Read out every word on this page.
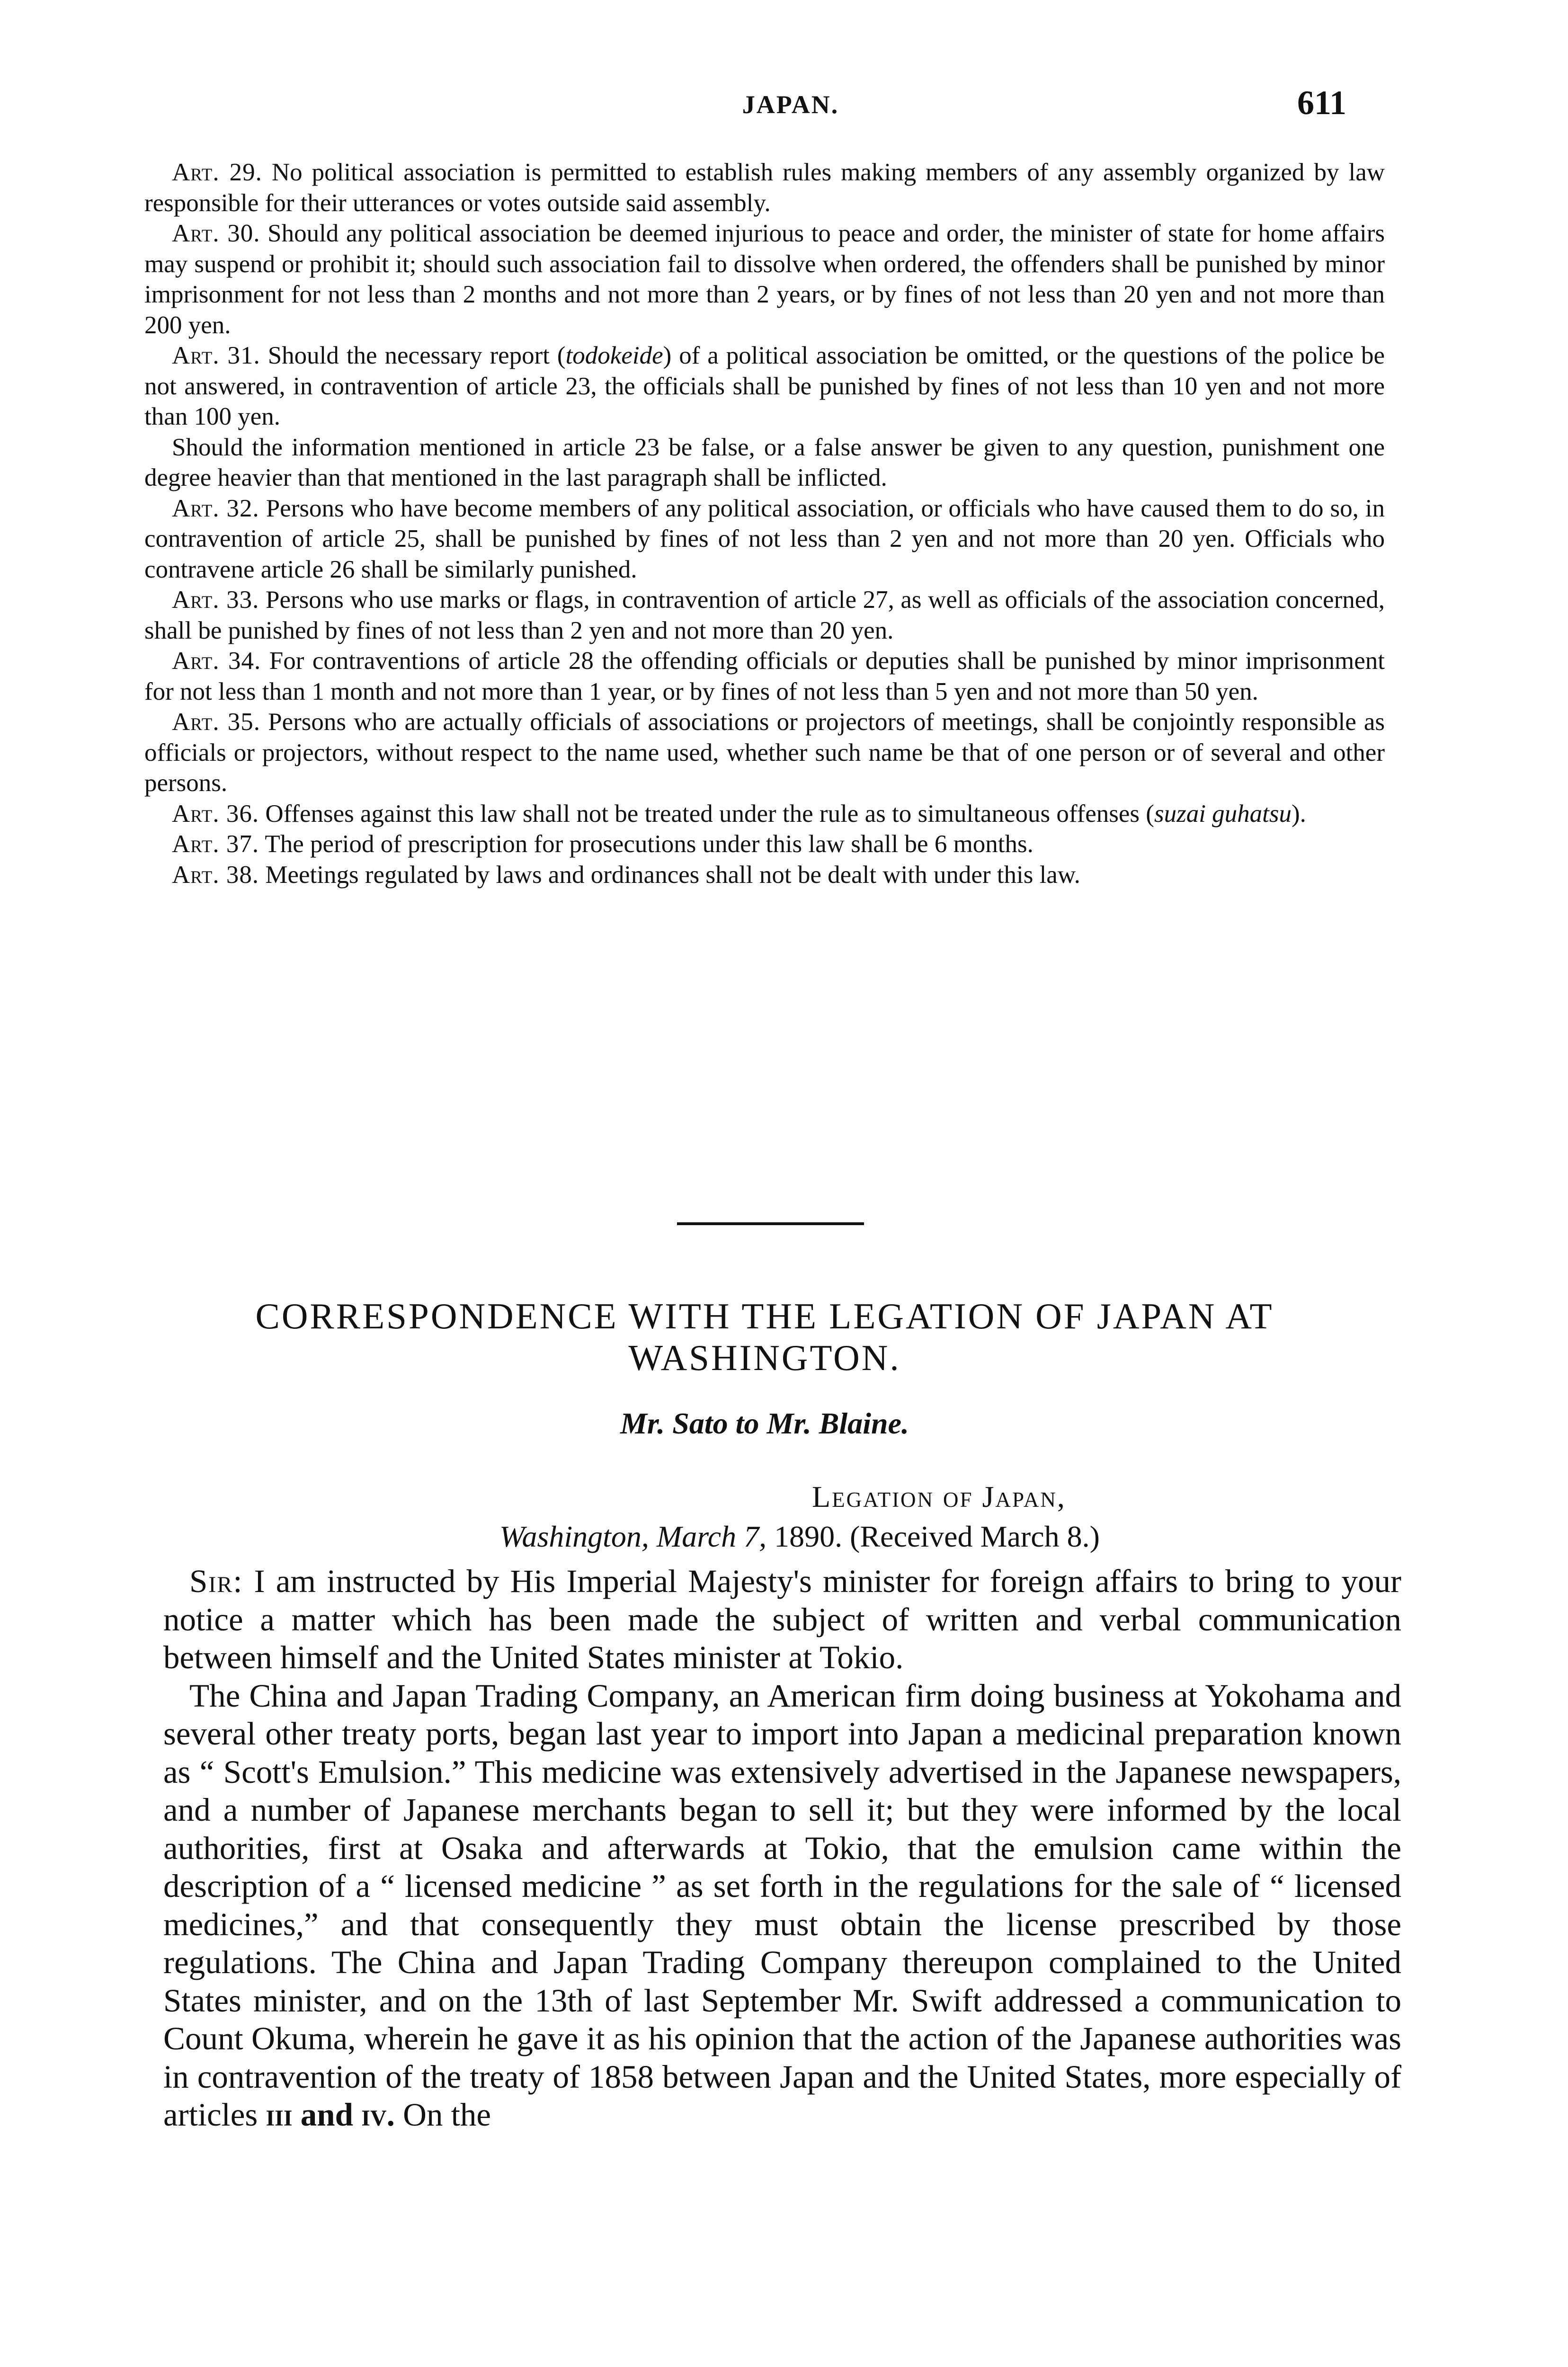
JAPAN.	611

Art. 29. No political association is permitted to establish rules making members of any assembly organized by law responsible for their utterances or votes outside said assembly.

Art. 30. Should any political association be deemed injurious to peace and order, the minister of state for home affairs may suspend or prohibit it; should such association fail to dissolve when ordered, the offenders shall be punished by minor imprisonment for not less than 2 months and not more than 2 years, or by fines of not less than 20 yen and not more than 200 yen.

Art. 31. Should the necessary report (todokeide) of a political association be omitted, or the questions of the police be not answered, in contravention of article 23, the officials shall be punished by fines of not less than 10 yen and not more than 100 yen.

Should the information mentioned in article 23 be false, or a false answer be given to any question, punishment one degree heavier than that mentioned in the last paragraph shall be inflicted.

Art. 32. Persons who have become members of any political association, or officials who have caused them to do so, in contravention of article 25, shall be punished by fines of not less than 2 yen and not more than 20 yen. Officials who contravene article 26 shall be similarly punished.

Art. 33. Persons who use marks or flags, in contravention of article 27, as well as officials of the association concerned, shall be punished by fines of not less than 2 yen and not more than 20 yen.

Art. 34. For contraventions of article 28 the offending officials or deputies shall be punished by minor imprisonment for not less than 1 month and not more than 1 year, or by fines of not less than 5 yen and not more than 50 yen.

Art. 35. Persons who are actually officials of associations or projectors of meetings, shall be conjointly responsible as officials or projectors, without respect to the name used, whether such name be that of one person or of several and other persons.

Art. 36. Offenses against this law shall not be treated under the rule as to simultaneous offenses (suzai guhatsu).

Art. 37. The period of prescription for prosecutions under this law shall be 6 months.

Art. 38. Meetings regulated by laws and ordinances shall not be dealt with under this law.

CORRESPONDENCE WITH THE LEGATION OF JAPAN AT
WASHINGTON.
Mr. Sato to Mr. Blaine.
Legation of Japan,
Washington, March 7, 1890. (Received March 8.)

Sir: I am instructed by His Imperial Majesty's minister for foreign affairs to bring to your notice a matter which has been made the subject of written and verbal communication between himself and the United States minister at Tokio.

The China and Japan Trading Company, an American firm doing business at Yokohama and several other treaty ports, began last year to import into Japan a medicinal preparation known as “ Scott's Emulsion.” This medicine was extensively advertised in the Japanese newspapers, and a number of Japanese merchants began to sell it; but they were informed by the local authorities, first at Osaka and afterwards at Tokio, that the emulsion came within the description of a “ licensed medicine ” as set forth in the regulations for the sale of “ licensed medicines,” and that consequently they must obtain the license prescribed by those regulations. The China and Japan Trading Company thereupon complained to the United States minister, and on the 13th of last September Mr. Swift addressed a communication to Count Okuma, wherein he gave it as his opinion that the action of the Japanese authorities was in contravention of the treaty of 1858 between Japan and the United States, more especially of articles iii and iv. On the
